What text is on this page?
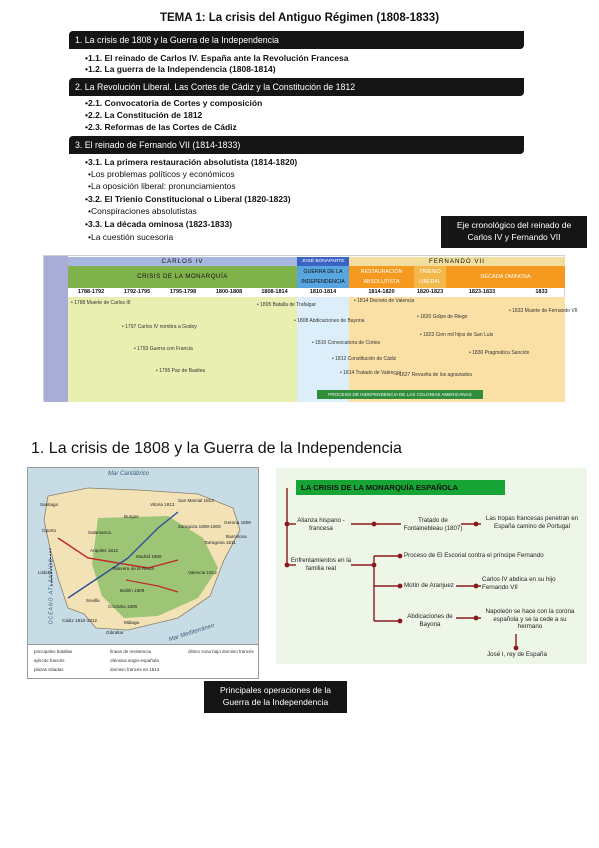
TEMA 1: La crisis del Antiguo Régimen (1808-1833)
1. La crisis de 1808 y la Guerra de la Independencia
•1.1. El reinado de Carlos IV. España ante la Revolución Francesa
•1.2. La guerra de la Independencia (1808-1814)
2. La Revolución Liberal. Las Cortes de Cádiz y la Constitución de 1812
•2.1. Convocatoria de Cortes y composición
•2.2. La Constitución de 1812
•2.3. Reformas de las Cortes de Cádiz
3. El reinado de Fernando VII (1814-1833)
•3.1. La primera restauración absolutista (1814-1820)
•Los problemas políticos y económicos
•La oposición liberal: pronunciamientos
•3.2. El Trienio Constitucional o Liberal (1820-1823)
•Conspiraciones absolutistas
•3.3. La década ominosa (1823-1833)
•La cuestión sucesoria
Eje cronológico del reinado de Carlos IV y Fernando VII
CARLOS IV	JOSÉ BONAPARTE	FERNANDO VII
CRISIS DE LA MONARQUÍA
GUERRA DE LA INDEPENDENCIA
RESTAURACIÓN ABSOLUTISTA
TRIENIO LIBERAL
DÉCADA OMINOSA
1788-1792	1792-1795	1795-1798	1800-1808	1808-1814	1810-1814	1814-1820	1820-1823	1823-1833	1833
• 1788 Muerte de Carlos III
• 1797 Carlos IV nombra a Godoy
• 1793 Guerra con Francia
• 1795 Paz de Basilea
• 1805 Batalla de Trafalgar
• 1808 Abdicaciones de Bayona
• 1810 Convocatoria de Cortes
• 1812 Constitución de Cádiz
• 1814 Tratado de Valençay
• 1814 Decreto de Valencia
• 1820 Golpe de Riego
• 1823 Cien mil hijos de San Luis
• 1827 Revuelta de los agraviados
• 1830 Pragmática Sanción
• 1833 Muerte de Fernando VII
PROCESO DE INDEPENDENCIA DE LAS COLONIAS AMERICANAS
1. La crisis de 1808 y la Guerra de la Independencia
Mar Cantábrico
OCÉANO ATLÁNTICO
Mar Mediterráneo
San Marcial 1813
Vitoria 1813
Zaragoza 1808-1809
Gerona 1809
Bailén 1808
Madrid 1808
Valencia 1812
Cádiz 1810-1812
Talavera de la Reina
Arapiles 1812
Sevilla
Gibraltar
Lisboa
Oporto
Málaga
Santiago
Salamanca
Burgos
Tarragona 1811
Barcelona
Córdoba 1808
principales batallas
ejército francés
plazas sitiadas
líneas de resistencia
ofensiva anglo-española
dominio francés en 1812
último zona bajo dominio francés
Principales operaciones de la Guerra de la Independencia
LA CRISIS DE LA MONARQUÍA ESPAÑOLA
Alianza hispano - francesa
Tratado de Fontainebleau (1807)
Las tropas francesas penetran en España camino de Portugal
Enfrentamientos en la familia real
Proceso de El Escorial contra el príncipe Fernando
Motín de Aranjuez
Carlos IV abdica en su hijo Fernando VII
Abdicaciones de Bayona
Napoleón se hace con la corona española y se la cede a su hermano
José I, rey de España
